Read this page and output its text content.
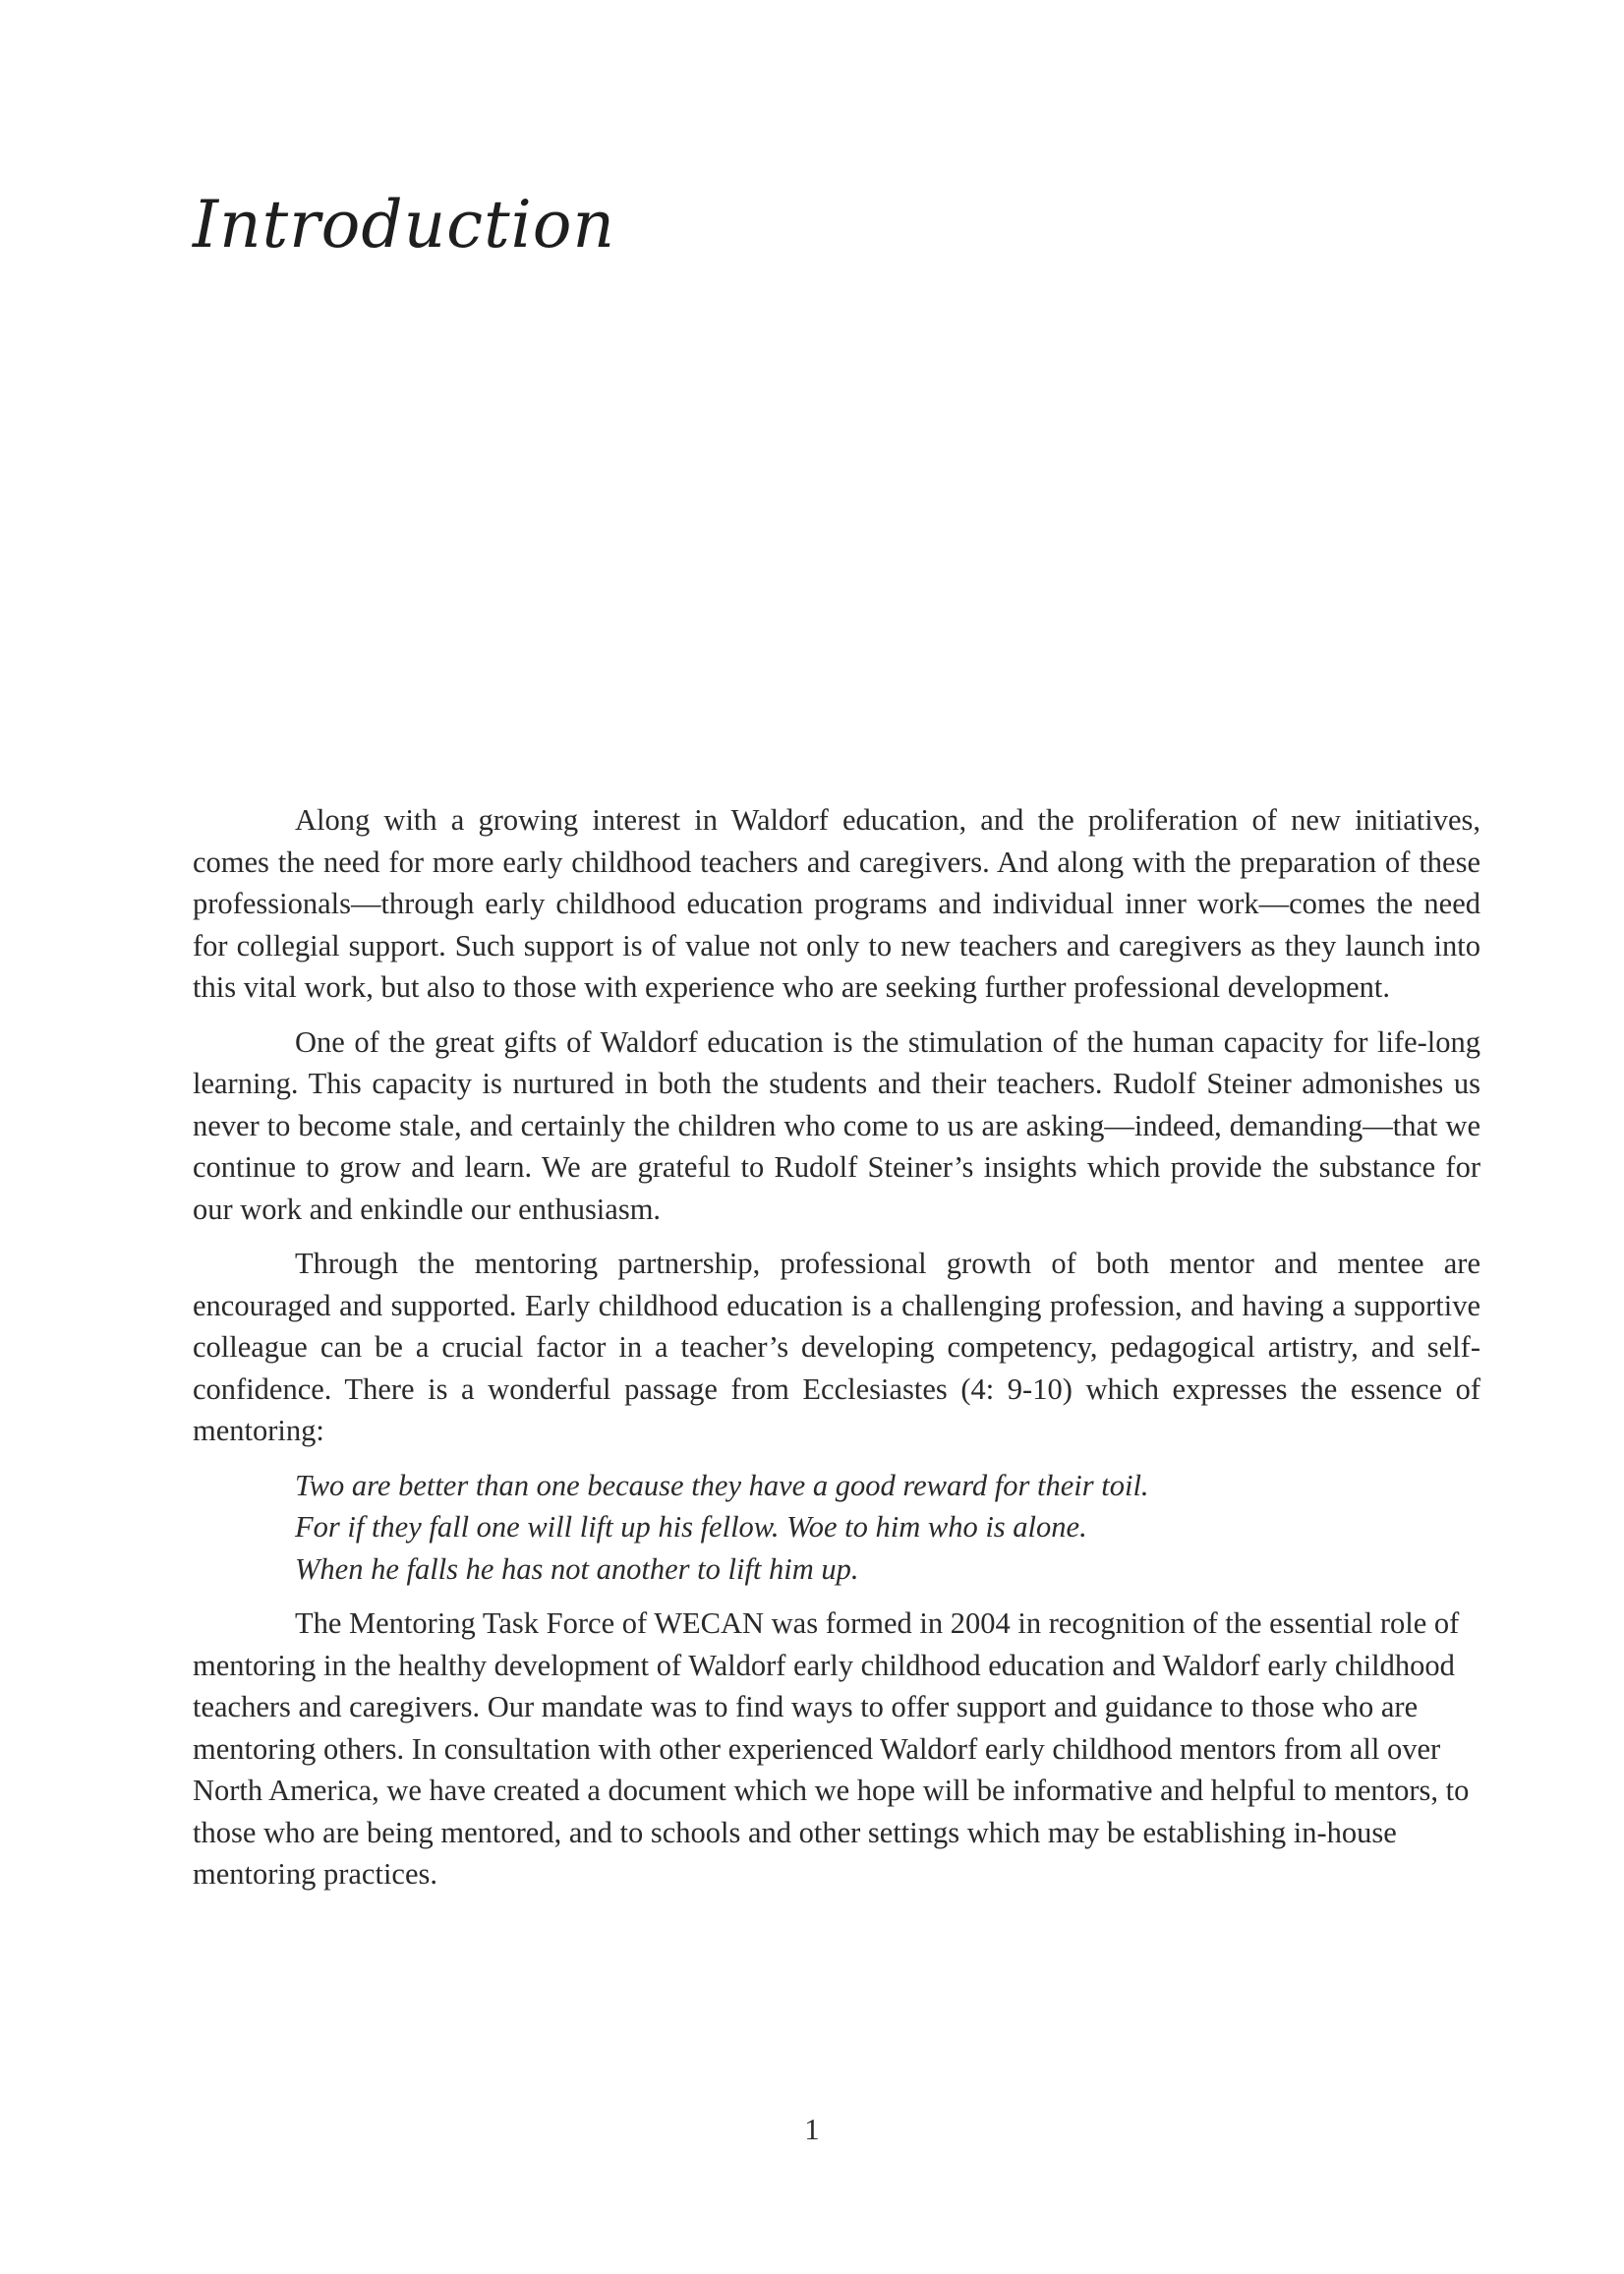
Introduction

Along with a growing interest in Waldorf education, and the proliferation of new initiatives, comes the need for more early childhood teachers and caregivers. And along with the preparation of these professionals—through early childhood education programs and individual inner work—comes the need for collegial support. Such support is of value not only to new teachers and caregivers as they launch into this vital work, but also to those with experience who are seeking further professional development.

One of the great gifts of Waldorf education is the stimulation of the human capacity for life-long learning. This capacity is nurtured in both the students and their teachers. Rudolf Steiner admonishes us never to become stale, and certainly the children who come to us are asking—indeed, demanding—that we continue to grow and learn. We are grateful to Rudolf Steiner’s insights which provide the substance for our work and enkindle our enthusiasm.

Through the mentoring partnership, professional growth of both mentor and mentee are encouraged and supported. Early childhood education is a challenging profession, and having a supportive colleague can be a crucial factor in a teacher’s developing competency, pedagogical artistry, and self-confidence. There is a wonderful passage from Ecclesiastes (4: 9-10) which expresses the essence of mentoring:

Two are better than one because they have a good reward for their toil.
For if they fall one will lift up his fellow. Woe to him who is alone.
When he falls he has not another to lift him up.

The Mentoring Task Force of WECAN was formed in 2004 in recognition of the essential role of mentoring in the healthy development of Waldorf early childhood education and Waldorf early childhood teachers and caregivers. Our mandate was to find ways to offer support and guidance to those who are mentoring others. In consultation with other experienced Waldorf early childhood mentors from all over North America, we have created a document which we hope will be informative and helpful to mentors, to those who are being mentored, and to schools and other settings which may be establishing in-house mentoring practices.

1
